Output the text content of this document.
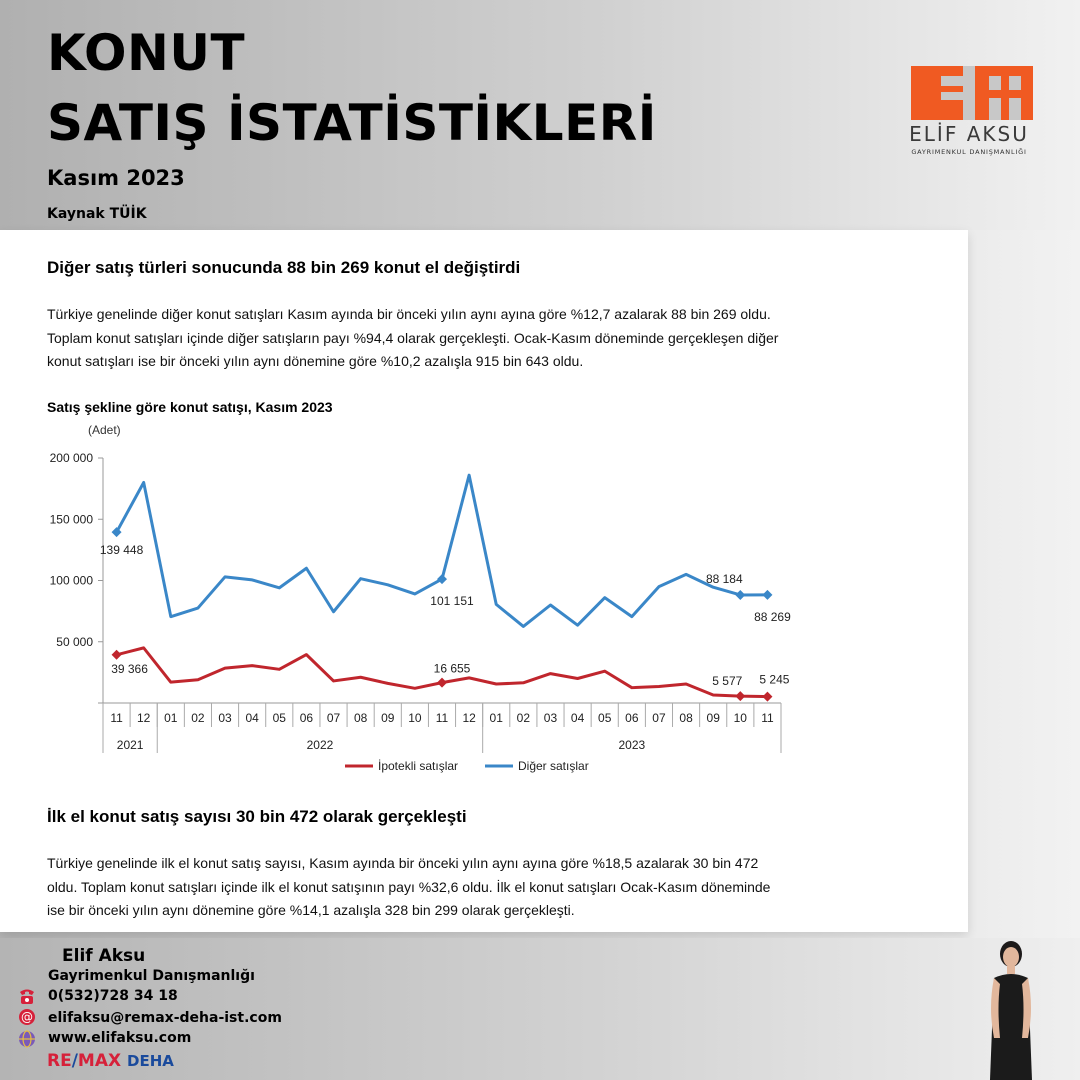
KONUT
SATIŞ İSTATİSTİKLERİ
Kasım 2023
Kaynak TÜİK
ELİF AKSU
GAYRIMENKUL DANIŞMANLIĞI
Diğer satış türleri sonucunda 88 bin 269 konut el değiştirdi
Türkiye genelinde diğer konut satışları Kasım ayında bir önceki yılın aynı ayına göre %12,7 azalarak 88 bin 269 oldu.
Toplam konut satışları içinde diğer satışların payı %94,4 olarak gerçekleşti. Ocak-Kasım döneminde gerçekleşen diğer
konut satışları ise bir önceki yılın aynı dönemine göre %10,2 azalışla 915 bin 643 oldu.
Satış şekline göre konut satışı, Kasım 2023
(Adet)
50 000
100 000
150 000
200 000
11 12 01 02 03 04 05 06 07 08 09 10 11 12 01 02 03 04 05 06 07 08 09 10 11
2021	2022	2023
39 366	16 655
5 577 5 245
139 448
101 151
88 184
88 269
İpotekli satışlar	Diğer satışlar
İlk el konut satış sayısı 30 bin 472 olarak gerçekleşti
Türkiye genelinde ilk el konut satış sayısı, Kasım ayında bir önceki yılın aynı ayına göre %18,5 azalarak 30 bin 472
oldu. Toplam konut satışları içinde ilk el konut satışının payı %32,6 oldu. İlk el konut satışları Ocak-Kasım döneminde
ise bir önceki yılın aynı dönemine göre %14,1 azalışla 328 bin 299 olarak gerçekleşti.
Elif Aksu
Gayrimenkul Danışmanlığı
0(532)728 34 18
@ elifaksu@remax-deha-ist.com
www.elifaksu.com
RE/MAX DEHA
